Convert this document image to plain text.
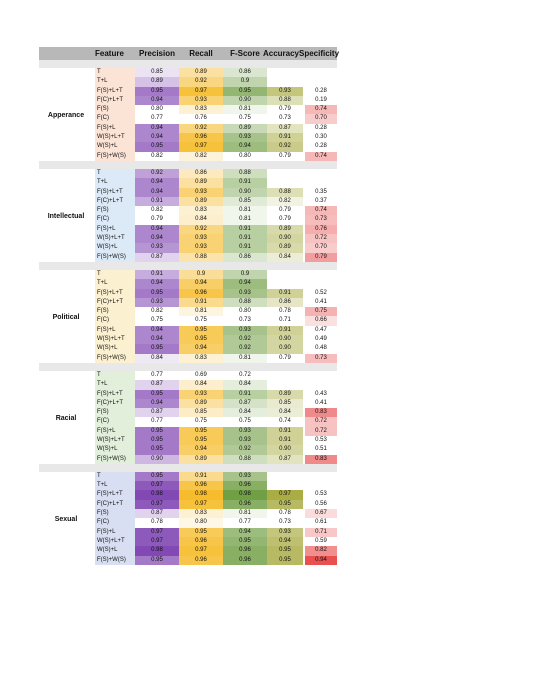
Feature	Precision	Recall	F-Score Accuracy Specificity
Apperance
T	0.85	0.89	0.86
T+L	0.89	0.92	0.9
F(S)+L+T	0.95	0.97	0.95	0.93	0.28
F(C)+L+T	0.94	0.93	0.90	0.88	0.19
F(S)	0.80	0.83	0.81	0.79	0.74
F(C)	0.77	0.76	0.75	0.73	0.70
F(S)+L	0.94	0.92	0.89	0.87	0.28
W(S)+L+T	0.94	0.96	0.93	0.91	0.30
W(S)+L	0.95	0.97	0.94	0.92	0.28
F(S)+W(S)	0.82	0.82	0.80	0.79	0.74
Intellectual
T	0.92	0.86	0.88
T+L	0.94	0.89	0.91
F(S)+L+T	0.94	0.93	0.90	0.88	0.35
F(C)+L+T	0.91	0.89	0.85	0.82	0.37
F(S)	0.82	0.83	0.81	0.79	0.74
F(C)	0.79	0.84	0.81	0.79	0.73
F(S)+L	0.94	0.92	0.91	0.89	0.76
W(S)+L+T	0.94	0.93	0.91	0.90	0.72
W(S)+L	0.93	0.93	0.91	0.89	0.70
F(S)+W(S)	0.87	0.88	0.86	0.84	0.79
Political
T	0.91	0.9	0.9
T+L	0.94	0.94	0.94
F(S)+L+T	0.95	0.96	0.93	0.91	0.52
F(C)+L+T	0.93	0.91	0.88	0.86	0.41
F(S)	0.82	0.81	0.80	0.78	0.75
F(C)	0.75	0.75	0.73	0.71	0.66
F(S)+L	0.94	0.95	0.93	0.91	0.47
W(S)+L+T	0.94	0.95	0.92	0.90	0.49
W(S)+L	0.95	0.94	0.92	0.90	0.48
F(S)+W(S)	0.84	0.83	0.81	0.79	0.73
Racial
T	0.77	0.69	0.72
T+L	0.87	0.84	0.84
F(S)+L+T	0.95	0.93	0.91	0.89	0.43
F(C)+L+T	0.94	0.89	0.87	0.85	0.41
F(S)	0.87	0.85	0.84	0.84	0.83
F(C)	0.77	0.75	0.75	0.74	0.72
F(S)+L	0.95	0.95	0.93	0.91	0.72
W(S)+L+T	0.95	0.95	0.93	0.91	0.53
W(S)+L	0.95	0.94	0.92	0.90	0.51
F(S)+W(S)	0.90	0.89	0.88	0.87	0.83
Sexual
T	0.95	0.91	0.93
T+L	0.97	0.96	0.96
F(S)+L+T	0.98	0.98	0.98	0.97	0.53
F(C)+L+T	0.97	0.97	0.96	0.95	0.56
F(S)	0.87	0.83	0.81	0.78	0.67
F(C)	0.78	0.80	0.77	0.73	0.61
F(S)+L	0.97	0.95	0.94	0.93	0.71
W(S)+L+T	0.97	0.96	0.95	0.94	0.59
W(S)+L	0.98	0.97	0.96	0.95	0.82
F(S)+W(S)	0.95	0.96	0.96	0.95	0.94
